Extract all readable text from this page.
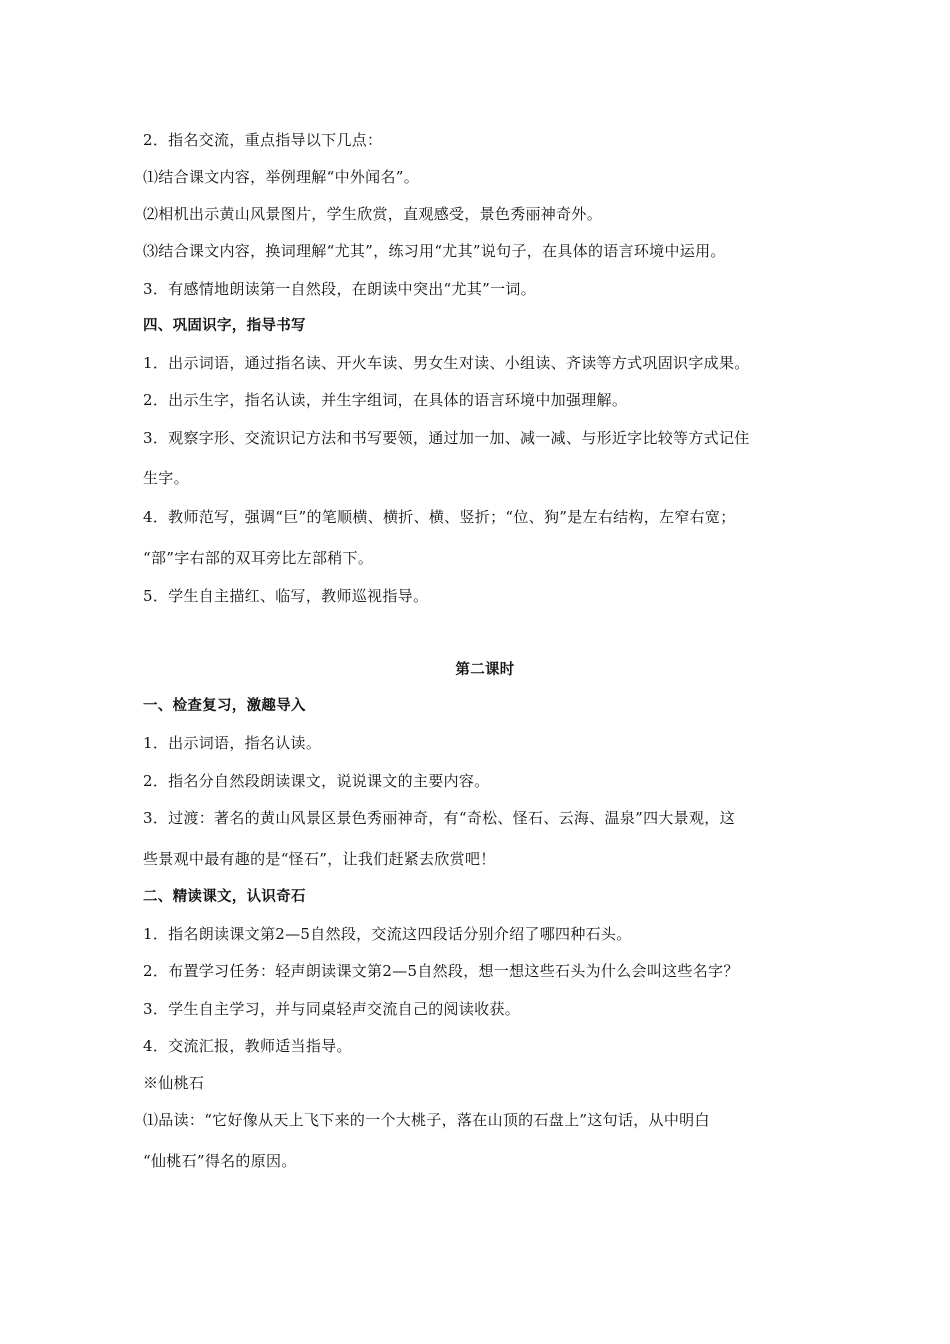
2．指名交流，重点指导以下几点：
⑴结合课文内容，举例理解“中外闻名”。
⑵相机出示黄山风景图片，学生欣赏，直观感受，景色秀丽神奇外。
⑶结合课文内容，换词理解“尤其”，练习用“尤其”说句子，在具体的语言环境中运用。
3．有感情地朗读第一自然段，在朗读中突出“尤其”一词。
四、巩固识字，指导书写
1．出示词语，通过指名读、开火车读、男女生对读、小组读、齐读等方式巩固识字成果。
2．出示生字，指名认读，并生字组词，在具体的语言环境中加强理解。
3．观察字形、交流识记方法和书写要领，通过加一加、减一减、与形近字比较等方式记住
生字。
4．教师范写，强调“巨”的笔顺横、横折、横、竖折；“位、狗”是左右结构，左窄右宽；
“部”字右部的双耳旁比左部稍下。
5．学生自主描红、临写，教师巡视指导。
第二课时
一、检查复习，激趣导入
1．出示词语，指名认读。
2．指名分自然段朗读课文，说说课文的主要内容。
3．过渡：著名的黄山风景区景色秀丽神奇，有“奇松、怪石、云海、温泉”四大景观，这
些景观中最有趣的是“怪石”，让我们赶紧去欣赏吧！
二、精读课文，认识奇石
1．指名朗读课文第2—5自然段，交流这四段话分别介绍了哪四种石头。
2．布置学习任务：轻声朗读课文第2—5自然段，想一想这些石头为什么会叫这些名字？
3．学生自主学习，并与同桌轻声交流自己的阅读收获。
4．交流汇报，教师适当指导。
※仙桃石
⑴品读：“它好像从天上飞下来的一个大桃子，落在山顶的石盘上”这句话，从中明白
“仙桃石”得名的原因。
